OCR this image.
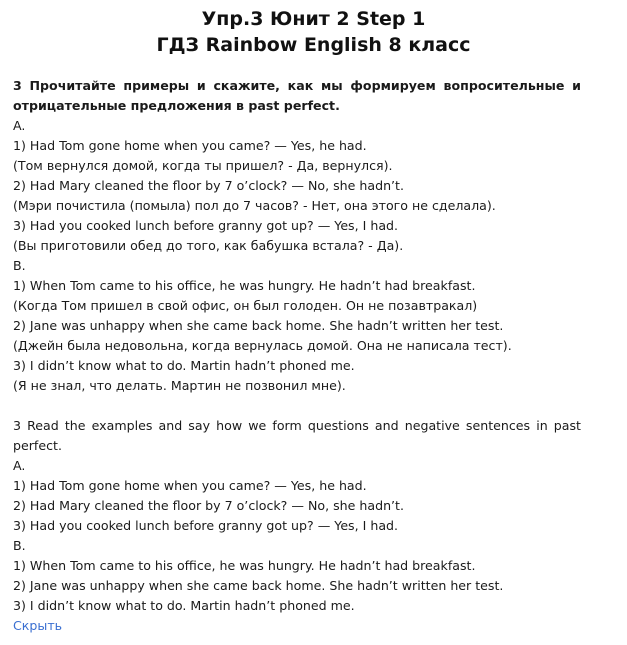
Упр.3 Юнит 2 Step 1
ГДЗ Rainbow English 8 класс
3 Прочитайте примеры и скажите, как мы формируем вопросительные и отрицательные предложения в past perfect.
A.
1) Had Tom gone home when you came? — Yes, he had.
(Том вернулся домой, когда ты пришел? - Да, вернулся).
2) Had Mary cleaned the floor by 7 o’clock? — No, she hadn’t.
(Мэри почистила (помыла) пол до 7 часов? - Нет, она этого не сделала).
3) Had you cooked lunch before granny got up? — Yes, I had.
(Вы приготовили обед до того, как бабушка встала? - Да).
B.
1) When Tom came to his office, he was hungry. He hadn’t had breakfast.
(Когда Том пришел в свой офис, он был голоден. Он не позавтракал)
2) Jane was unhappy when she came back home. She hadn’t written her test.
(Джейн была недовольна, когда вернулась домой. Она не написала тест).
3) I didn’t know what to do. Martin hadn’t phoned me.
(Я не знал, что делать. Мартин не позвонил мне).
3 Read the examples and say how we form questions and negative sentences in past perfect.
A.
1) Had Tom gone home when you came? — Yes, he had.
2) Had Mary cleaned the floor by 7 o’clock? — No, she hadn’t.
3) Had you cooked lunch before granny got up? — Yes, I had.
B.
1) When Tom came to his office, he was hungry. He hadn’t had breakfast.
2) Jane was unhappy when she came back home. She hadn’t written her test.
3) I didn’t know what to do. Martin hadn’t phoned me.
Скрыть
